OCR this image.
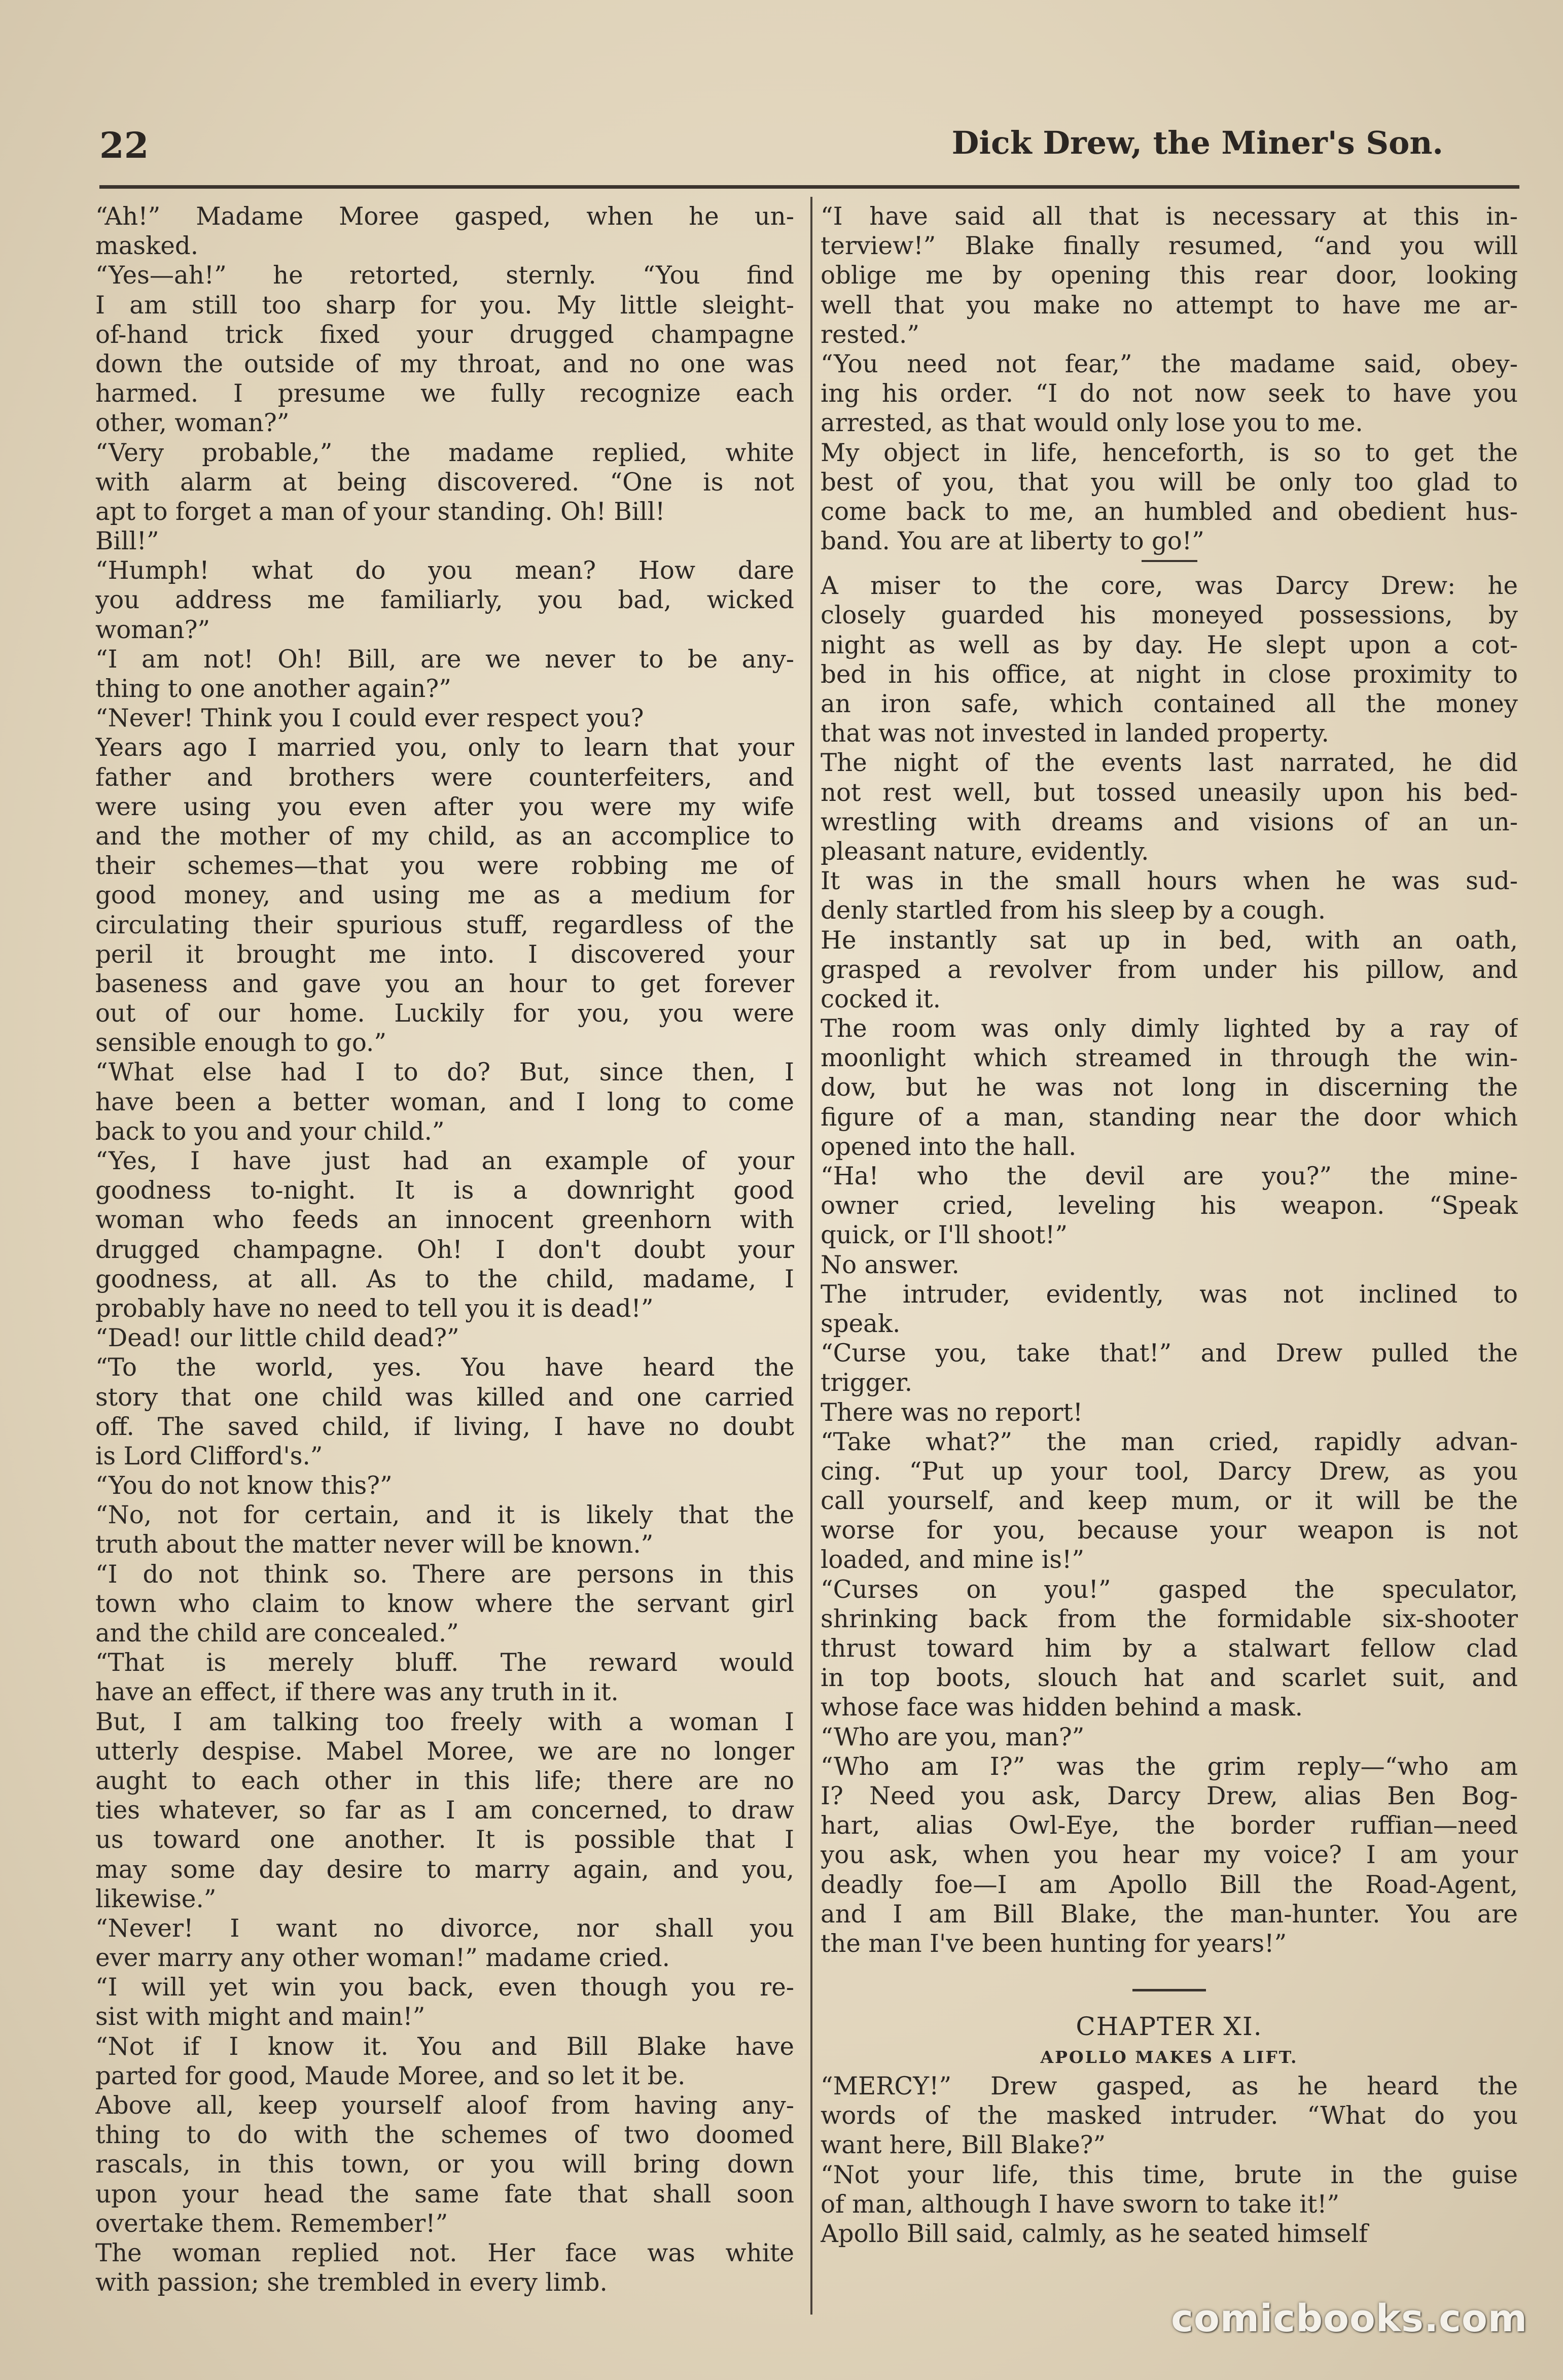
22	Dick Drew, the Miner's Son.
“Ah!” Madame Moree gasped, when he un-
masked.
“Yes—ah!” he retorted, sternly. “You find
I am still too sharp for you. My little sleight-
of-hand trick fixed your drugged champagne
down the outside of my throat, and no one was
harmed. I presume we fully recognize each
other, woman?”
“Very probable,” the madame replied, white
with alarm at being discovered. “One is not
apt to forget a man of your standing. Oh! Bill!
Bill!”
“Humph! what do you mean? How dare
you address me familiarly, you bad, wicked
woman?”
“I am not! Oh! Bill, are we never to be any-
thing to one another again?”
“Never! Think you I could ever respect you?
Years ago I married you, only to learn that your
father and brothers were counterfeiters, and
were using you even after you were my wife
and the mother of my child, as an accomplice to
their schemes—that you were robbing me of
good money, and using me as a medium for
circulating their spurious stuff, regardless of the
peril it brought me into. I discovered your
baseness and gave you an hour to get forever
out of our home. Luckily for you, you were
sensible enough to go.”
“What else had I to do? But, since then, I
have been a better woman, and I long to come
back to you and your child.”
“Yes, I have just had an example of your
goodness to-night. It is a downright good
woman who feeds an innocent greenhorn with
drugged champagne. Oh! I don't doubt your
goodness, at all. As to the child, madame, I
probably have no need to tell you it is dead!”
“Dead! our little child dead?”
“To the world, yes. You have heard the
story that one child was killed and one carried
off. The saved child, if living, I have no doubt
is Lord Clifford's.”
“You do not know this?”
“No, not for certain, and it is likely that the
truth about the matter never will be known.”
“I do not think so. There are persons in this
town who claim to know where the servant girl
and the child are concealed.”
“That is merely bluff. The reward would
have an effect, if there was any truth in it.
But, I am talking too freely with a woman I
utterly despise. Mabel Moree, we are no longer
aught to each other in this life; there are no
ties whatever, so far as I am concerned, to draw
us toward one another. It is possible that I
may some day desire to marry again, and you,
likewise.”
“Never! I want no divorce, nor shall you
ever marry any other woman!” madame cried.
“I will yet win you back, even though you re-
sist with might and main!”
“Not if I know it. You and Bill Blake have
parted for good, Maude Moree, and so let it be.
Above all, keep yourself aloof from having any-
thing to do with the schemes of two doomed
rascals, in this town, or you will bring down
upon your head the same fate that shall soon
overtake them. Remember!”
The woman replied not. Her face was white
with passion; she trembled in every limb.
“I have said all that is necessary at this in-
terview!” Blake finally resumed, “and you will
oblige me by opening this rear door, looking
well that you make no attempt to have me ar-
rested.”
“You need not fear,” the madame said, obey-
ing his order. “I do not now seek to have you
arrested, as that would only lose you to me.
My object in life, henceforth, is so to get the
best of you, that you will be only too glad to
come back to me, an humbled and obedient hus-
band. You are at liberty to go!”
A miser to the core, was Darcy Drew: he
closely guarded his moneyed possessions, by
night as well as by day. He slept upon a cot-
bed in his office, at night in close proximity to
an iron safe, which contained all the money
that was not invested in landed property.
The night of the events last narrated, he did
not rest well, but tossed uneasily upon his bed-
wrestling with dreams and visions of an un-
pleasant nature, evidently.
It was in the small hours when he was sud-
denly startled from his sleep by a cough.
He instantly sat up in bed, with an oath,
grasped a revolver from under his pillow, and
cocked it.
The room was only dimly lighted by a ray of
moonlight which streamed in through the win-
dow, but he was not long in discerning the
figure of a man, standing near the door which
opened into the hall.
“Ha! who the devil are you?” the mine-
owner cried, leveling his weapon. “Speak
quick, or I'll shoot!”
No answer.
The intruder, evidently, was not inclined to
speak.
“Curse you, take that!” and Drew pulled the
trigger.
There was no report!
“Take what?” the man cried, rapidly advan-
cing. “Put up your tool, Darcy Drew, as you
call yourself, and keep mum, or it will be the
worse for you, because your weapon is not
loaded, and mine is!”
“Curses on you!” gasped the speculator,
shrinking back from the formidable six-shooter
thrust toward him by a stalwart fellow clad
in top boots, slouch hat and scarlet suit, and
whose face was hidden behind a mask.
“Who are you, man?”
“Who am I?” was the grim reply—“who am
I? Need you ask, Darcy Drew, alias Ben Bog-
hart, alias Owl-Eye, the border ruffian—need
you ask, when you hear my voice? I am your
deadly foe—I am Apollo Bill the Road-Agent,
and I am Bill Blake, the man-hunter. You are
the man I've been hunting for years!”
CHAPTER XI.
APOLLO MAKES A LIFT.
“MERCY!” Drew gasped, as he heard the
words of the masked intruder. “What do you
want here, Bill Blake?”
“Not your life, this time, brute in the guise
of man, although I have sworn to take it!”
Apollo Bill said, calmly, as he seated himself
comicbooks.com
